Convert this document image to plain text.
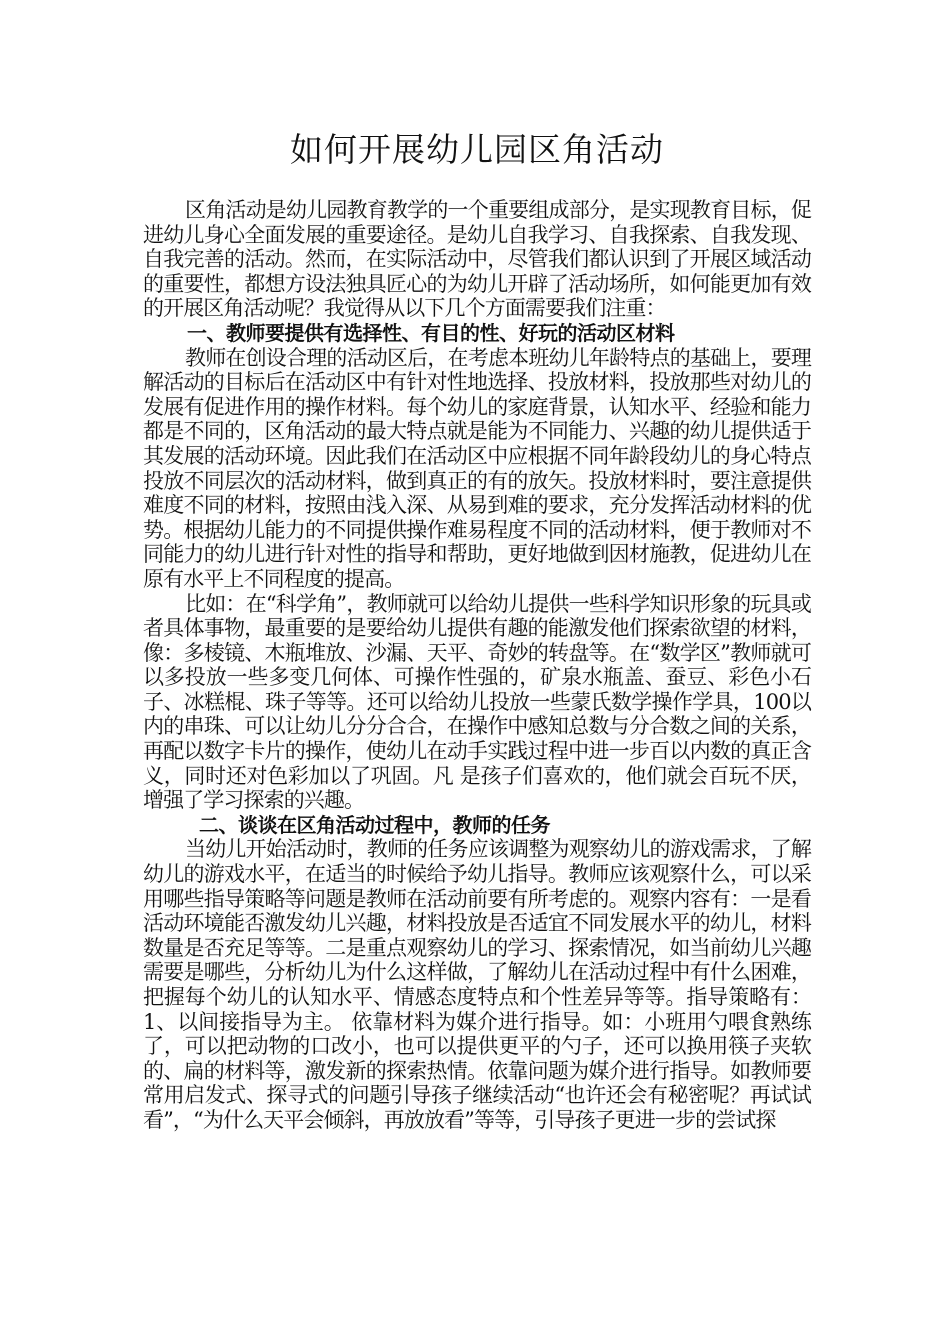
如何开展幼儿园区角活动

区角活动是幼儿园教育教学的一个重要组成部分，是实现教育目标，促进幼儿身心全面发展的重要途径。是幼儿自我学习、自我探索、自我发现、自我完善的活动。然而，在实际活动中，尽管我们都认识到了开展区域活动的重要性，都想方设法独具匠心的为幼儿开辟了活动场所，如何能更加有效的开展区角活动呢？我觉得从以下几个方面需要我们注重：

一、教师要提供有选择性、有目的性、好玩的活动区材料

教师在创设合理的活动区后，在考虑本班幼儿年龄特点的基础上，要理解活动的目标后在活动区中有针对性地选择、投放材料，投放那些对幼儿的发展有促进作用的操作材料。每个幼儿的家庭背景，认知水平、经验和能力都是不同的，区角活动的最大特点就是能为不同能力、兴趣的幼儿提供适于其发展的活动环境。因此我们在活动区中应根据不同年龄段幼儿的身心特点投放不同层次的活动材料，做到真正的有的放矢。投放材料时，要注意提供难度不同的材料，按照由浅入深、从易到难的要求，充分发挥活动材料的优势。根据幼儿能力的不同提供操作难易程度不同的活动材料，便于教师对不同能力的幼儿进行针对性的指导和帮助，更好地做到因材施教，促进幼儿在原有水平上不同程度的提高。

比如：在“科学角”，教师就可以给幼儿提供一些科学知识形象的玩具或者具体事物，最重要的是要给幼儿提供有趣的能激发他们探索欲望的材料，像：多棱镜、木瓶堆放、沙漏、天平、奇妙的转盘等。在“数学区”教师就可以多投放一些多变几何体、可操作性强的，矿泉水瓶盖、蚕豆、彩色小石子、冰糕棍、珠子等等。还可以给幼儿投放一些蒙氏数学操作学具，100以内的串珠、可以让幼儿分分合合，在操作中感知总数与分合数之间的关系，再配以数字卡片的操作，使幼儿在动手实践过程中进一步百以内数的真正含义，同时还对色彩加以了巩固。凡 是孩子们喜欢的，他们就会百玩不厌，增强了学习探索的兴趣。

二、谈谈在区角活动过程中，教师的任务

当幼儿开始活动时，教师的任务应该调整为观察幼儿的游戏需求，了解幼儿的游戏水平，在适当的时候给予幼儿指导。教师应该观察什么，可以采用哪些指导策略等问题是教师在活动前要有所考虑的。观察内容有：一是看活动环境能否激发幼儿兴趣，材料投放是否适宜不同发展水平的幼儿，材料数量是否充足等等。二是重点观察幼儿的学习、探索情况，如当前幼儿兴趣需要是哪些，分析幼儿为什么这样做，了解幼儿在活动过程中有什么困难，把握每个幼儿的认知水平、情感态度特点和个性差异等等。指导策略有： 1、以间接指导为主。 依靠材料为媒介进行指导。如：小班用勺喂食熟练了，可以把动物的口改小，也可以提供更平的勺子，还可以换用筷子夹软的、扁的材料等，激发新的探索热情。依靠问题为媒介进行指导。如教师要常用启发式、探寻式的问题引导孩子继续活动“也许还会有秘密呢？再试试看”，“为什么天平会倾斜，再放放看”等等，引导孩子更进一步的尝试探
